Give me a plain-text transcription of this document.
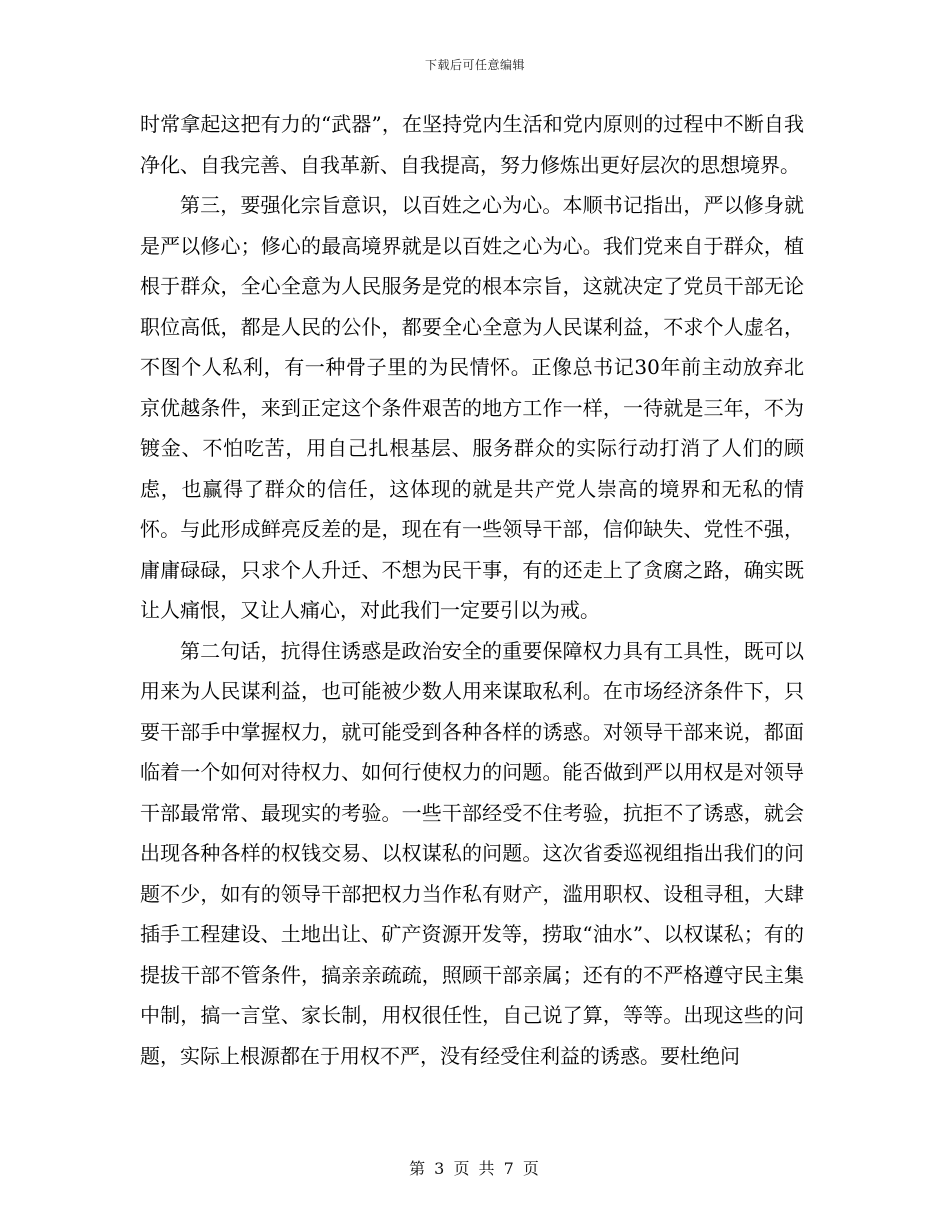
下载后可任意编辑

时常拿起这把有力的“武器”，在坚持党内生活和党内原则的过程中不断自我净化、自我完善、自我革新、自我提高，努力修炼出更好层次的思想境界。

第三，要强化宗旨意识，以百姓之心为心。本顺书记指出，严以修身就是严以修心；修心的最高境界就是以百姓之心为心。我们党来自于群众，植根于群众，全心全意为人民服务是党的根本宗旨，这就决定了党员干部无论职位高低，都是人民的公仆，都要全心全意为人民谋利益，不求个人虚名，不图个人私利，有一种骨子里的为民情怀。正像总书记30年前主动放弃北京优越条件，来到正定这个条件艰苦的地方工作一样，一待就是三年，不为镀金、不怕吃苦，用自己扎根基层、服务群众的实际行动打消了人们的顾虑，也赢得了群众的信任，这体现的就是共产党人崇高的境界和无私的情怀。与此形成鲜亮反差的是，现在有一些领导干部，信仰缺失、党性不强，庸庸碌碌，只求个人升迁、不想为民干事，有的还走上了贪腐之路，确实既让人痛恨，又让人痛心，对此我们一定要引以为戒。

第二句话，抗得住诱惑是政治安全的重要保障权力具有工具性，既可以用来为人民谋利益，也可能被少数人用来谋取私利。在市场经济条件下，只要干部手中掌握权力，就可能受到各种各样的诱惑。对领导干部来说，都面临着一个如何对待权力、如何行使权力的问题。能否做到严以用权是对领导干部最常常、最现实的考验。一些干部经受不住考验，抗拒不了诱惑，就会出现各种各样的权钱交易、以权谋私的问题。这次省委巡视组指出我们的问题不少，如有的领导干部把权力当作私有财产，滥用职权、设租寻租，大肆插手工程建设、土地出让、矿产资源开发等，捞取“油水”、以权谋私；有的提拔干部不管条件，搞亲亲疏疏，照顾干部亲属；还有的不严格遵守民主集中制，搞一言堂、家长制，用权很任性，自己说了算，等等。出现这些的问题，实际上根源都在于用权不严，没有经受住利益的诱惑。要杜绝问

第 3 页 共 7 页
